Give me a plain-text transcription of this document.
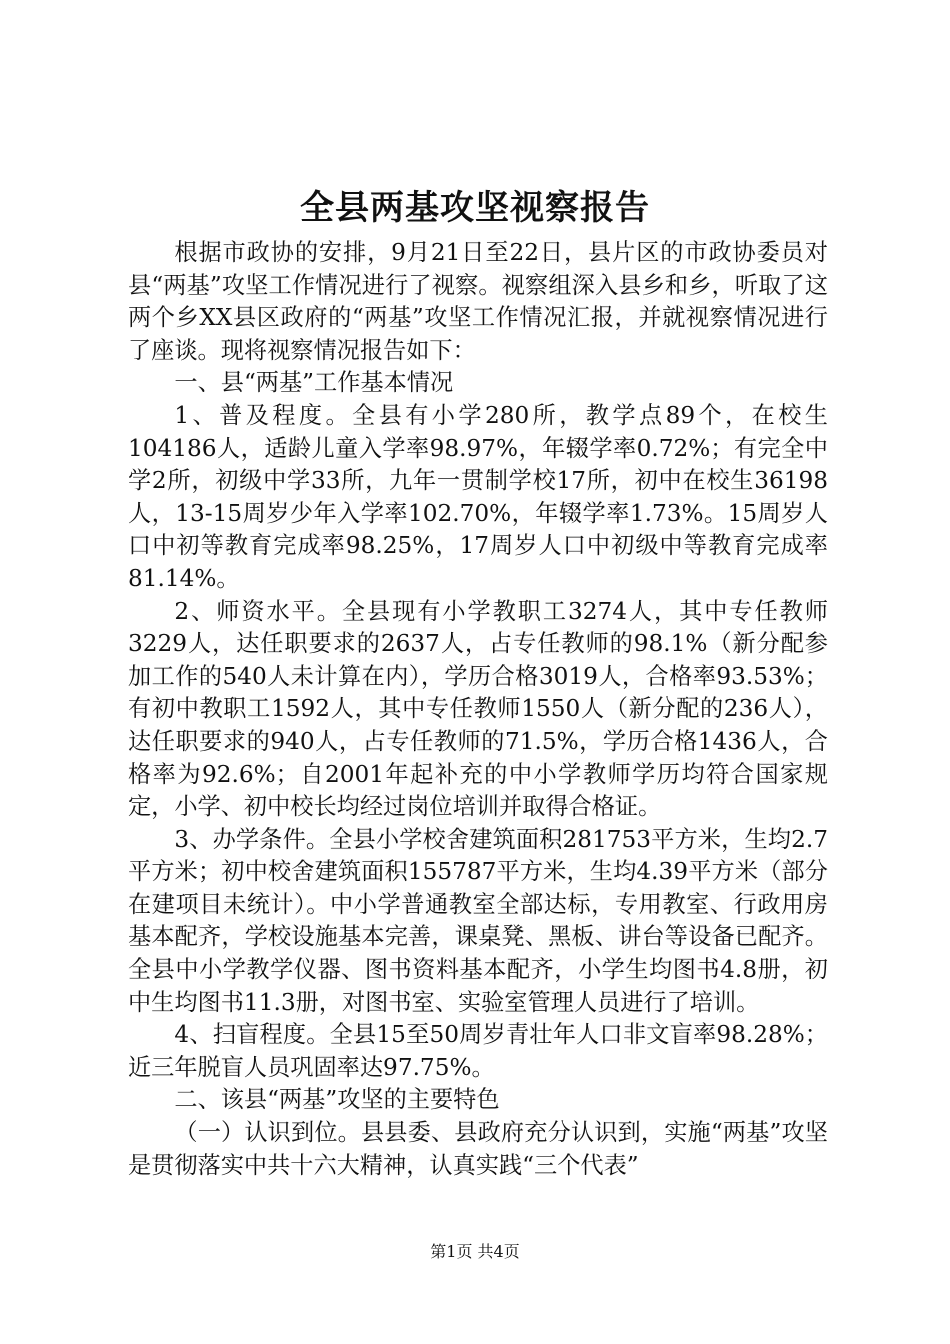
全县两基攻坚视察报告

根据市政协的安排，9月21日至22日，县片区的市政协委员对县“两基”攻坚工作情况进行了视察。视察组深入县乡和乡，听取了这两个乡XX县区政府的“两基”攻坚工作情况汇报，并就视察情况进行了座谈。现将视察情况报告如下：

一、县“两基”工作基本情况

1、普及程度。全县有小学280所，教学点89个，在校生104186人，适龄儿童入学率98.97%，年辍学率0.72%；有完全中学2所，初级中学33所，九年一贯制学校17所，初中在校生36198人，13-15周岁少年入学率102.70%，年辍学率1.73%。15周岁人口中初等教育完成率98.25%，17周岁人口中初级中等教育完成率81.14%。

2、师资水平。全县现有小学教职工3274人，其中专任教师3229人，达任职要求的2637人，占专任教师的98.1%（新分配参加工作的540人未计算在内），学历合格3019人，合格率93.53%；有初中教职工1592人，其中专任教师1550人（新分配的236人），达任职要求的940人，占专任教师的71.5%，学历合格1436人，合格率为92.6%；自2001年起补充的中小学教师学历均符合国家规定，小学、初中校长均经过岗位培训并取得合格证。

3、办学条件。全县小学校舍建筑面积281753平方米，生均2.7平方米；初中校舍建筑面积155787平方米，生均4.39平方米（部分在建项目未统计）。中小学普通教室全部达标，专用教室、行政用房基本配齐，学校设施基本完善，课桌凳、黑板、讲台等设备已配齐。全县中小学教学仪器、图书资料基本配齐，小学生均图书4.8册，初中生均图书11.3册，对图书室、实验室管理人员进行了培训。

4、扫盲程度。全县15至50周岁青壮年人口非文盲率98.28%；近三年脱盲人员巩固率达97.75%。

二、该县“两基”攻坚的主要特色

（一）认识到位。县县委、县政府充分认识到，实施“两基”攻坚是贯彻落实中共十六大精神，认真实践“三个代表”

第1页 共4页
